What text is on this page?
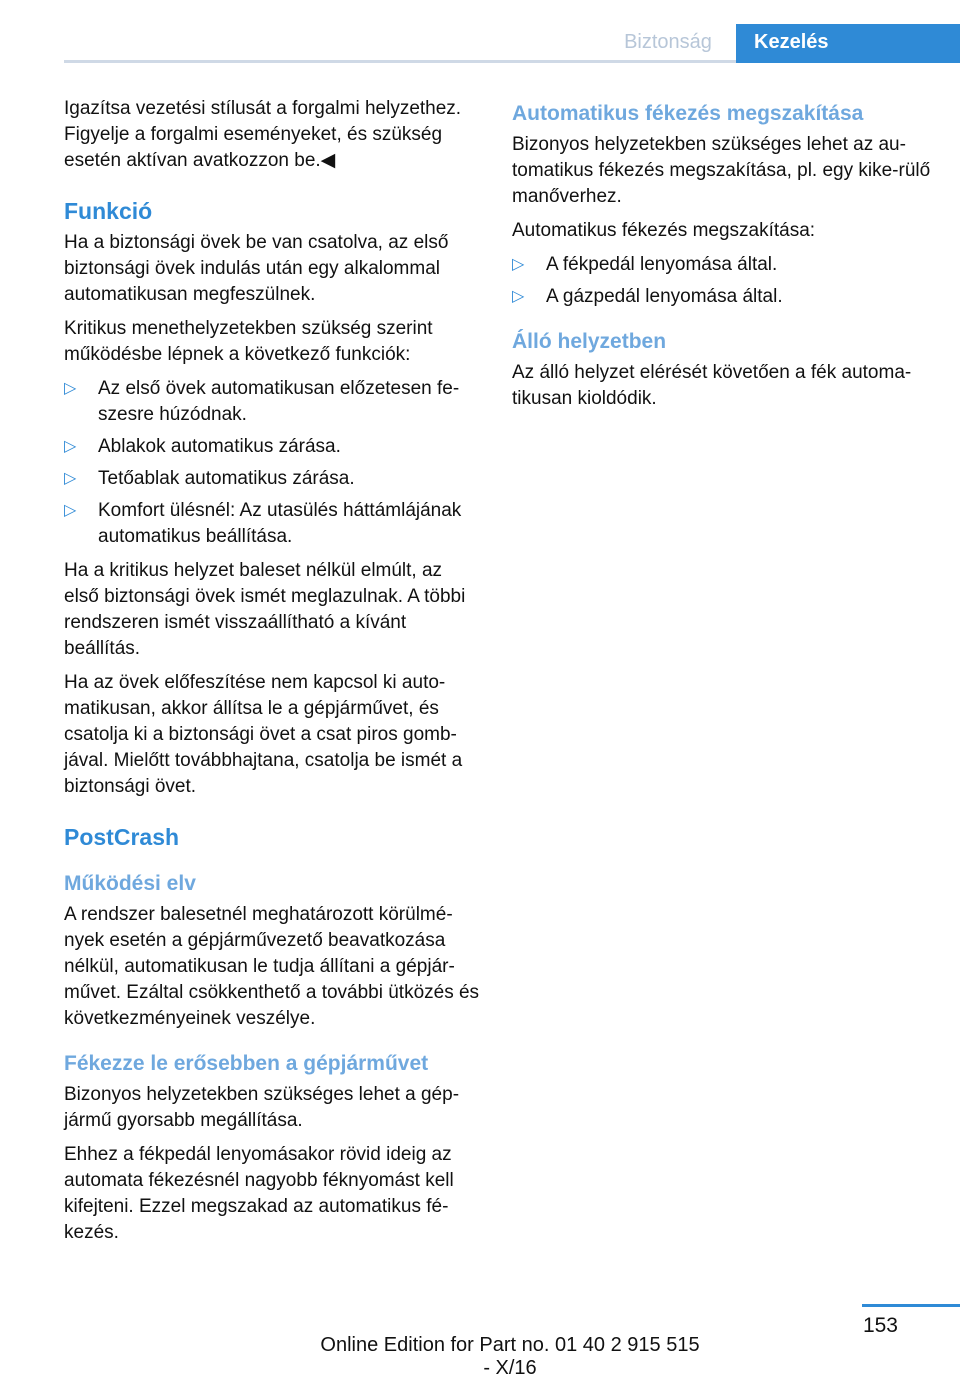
Biztonság	Kezelés

Igazítsa vezetési stílusát a forgalmi helyzethez. Figyelje a forgalmi eseményeket, és szükség esetén aktívan avatkozzon be.◀

Funkció

Ha a biztonsági övek be van csatolva, az első biztonsági övek indulás után egy alkalommal automatikusan megfeszülnek.

Kritikus menethelyzetekben szükség szerint működésbe lépnek a következő funkciók:

▷ Az első övek automatikusan előzetesen fe-szesre húzódnak.
▷ Ablakok automatikus zárása.
▷ Tetőablak automatikus zárása.
▷ Komfort ülésnél: Az utasülés háttámlájának automatikus beállítása.

Ha a kritikus helyzet baleset nélkül elmúlt, az első biztonsági övek ismét meglazulnak. A többi rendszeren ismét visszaállítható a kívánt beállítás.

Ha az övek előfeszítése nem kapcsol ki auto-matikusan, akkor állítsa le a gépjárművet, és csatolja ki a biztonsági övet a csat piros gomb-jával. Mielőtt továbbhajtana, csatolja be ismét a biztonsági övet.

PostCrash
Működési elv

A rendszer balesetnél meghatározott körülmé-nyek esetén a gépjárművezető beavatkozása nélkül, automatikusan le tudja állítani a gépjár-művet. Ezáltal csökkenthető a további ütközés és következményeinek veszélye.

Fékezze le erősebben a gépjárművet

Bizonyos helyzetekben szükséges lehet a gép-jármű gyorsabb megállítása.

Ehhez a fékpedál lenyomásakor rövid ideig az automata fékezésnél nagyobb féknyomást kell kifejteni. Ezzel megszakad az automatikus fé-kezés.

Automatikus fékezés megszakítása

Bizonyos helyzetekben szükséges lehet az au-tomatikus fékezés megszakítása, pl. egy kike-rülő manőverhez.

Automatikus fékezés megszakítása:

▷ A fékpedál lenyomása által.
▷ A gázpedál lenyomása által.
Álló helyzetben

Az álló helyzet elérését követően a fék automa-tikusan kioldódik.

153
Online Edition for Part no. 01 40 2 915 515 - X/16
